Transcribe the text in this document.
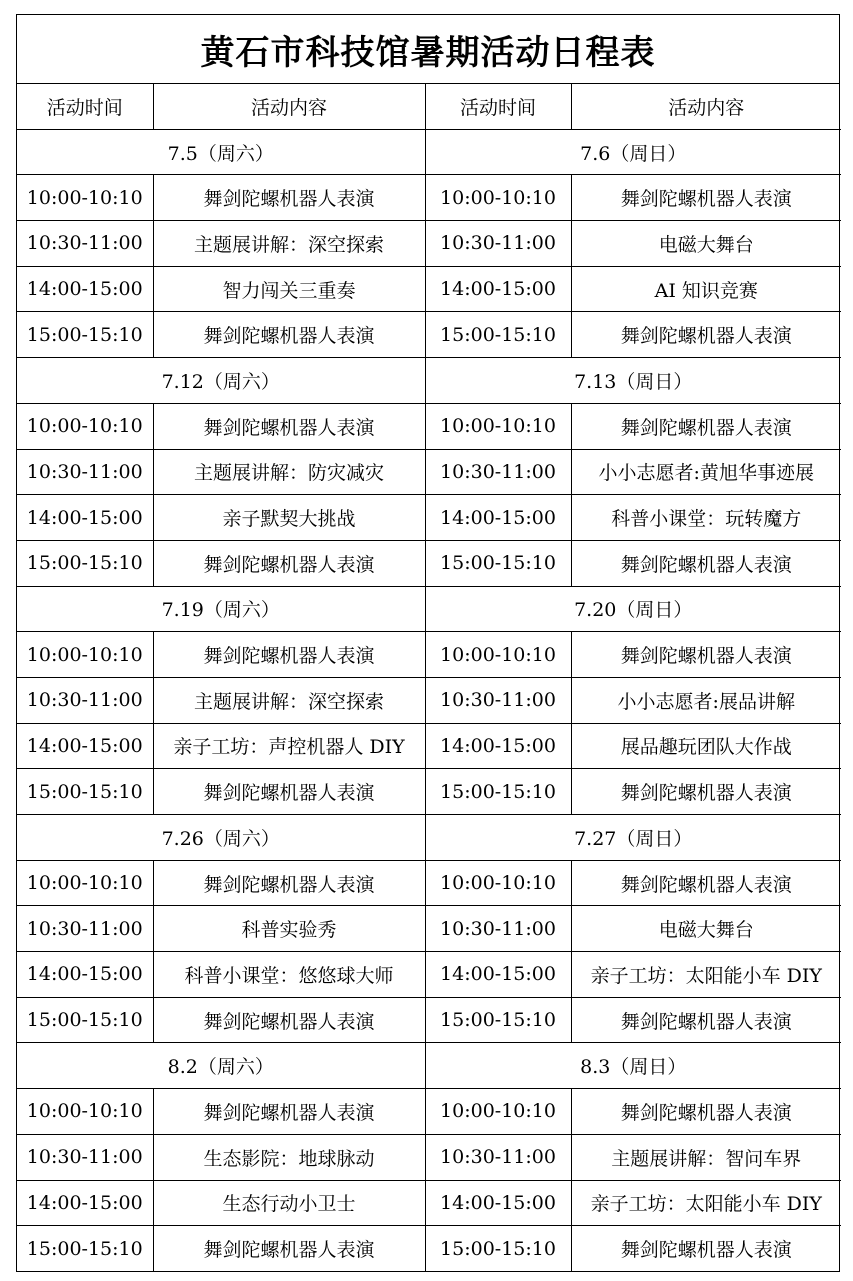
黄石市科技馆暑期活动日程表
活动时间	活动内容	活动时间	活动内容
7.5（周六）		7.6（周日）	
10:00-10:10	舞剑陀螺机器人表演	10:00-10:10	舞剑陀螺机器人表演
10:30-11:00	主题展讲解：深空探索	10:30-11:00	电磁大舞台
14:00-15:00	智力闯关三重奏	14:00-15:00	AI 知识竞赛
15:00-15:10	舞剑陀螺机器人表演	15:00-15:10	舞剑陀螺机器人表演
7.12（周六）		7.13（周日）	
10:00-10:10	舞剑陀螺机器人表演	10:00-10:10	舞剑陀螺机器人表演
10:30-11:00	主题展讲解：防灾减灾	10:30-11:00	小小志愿者:黄旭华事迹展
14:00-15:00	亲子默契大挑战	14:00-15:00	科普小课堂：玩转魔方
15:00-15:10	舞剑陀螺机器人表演	15:00-15:10	舞剑陀螺机器人表演
7.19（周六）		7.20（周日）	
10:00-10:10	舞剑陀螺机器人表演	10:00-10:10	舞剑陀螺机器人表演
10:30-11:00	主题展讲解：深空探索	10:30-11:00	小小志愿者:展品讲解
14:00-15:00	亲子工坊：声控机器人 DIY	14:00-15:00	展品趣玩团队大作战
15:00-15:10	舞剑陀螺机器人表演	15:00-15:10	舞剑陀螺机器人表演
7.26（周六）		7.27（周日）	
10:00-10:10	舞剑陀螺机器人表演	10:00-10:10	舞剑陀螺机器人表演
10:30-11:00	科普实验秀	10:30-11:00	电磁大舞台
14:00-15:00	科普小课堂：悠悠球大师	14:00-15:00	亲子工坊：太阳能小车 DIY
15:00-15:10	舞剑陀螺机器人表演	15:00-15:10	舞剑陀螺机器人表演
8.2（周六）		8.3（周日）	
10:00-10:10	舞剑陀螺机器人表演	10:00-10:10	舞剑陀螺机器人表演
10:30-11:00	生态影院：地球脉动	10:30-11:00	主题展讲解：智问车界
14:00-15:00	生态行动小卫士	14:00-15:00	亲子工坊：太阳能小车 DIY
15:00-15:10	舞剑陀螺机器人表演	15:00-15:10	舞剑陀螺机器人表演
